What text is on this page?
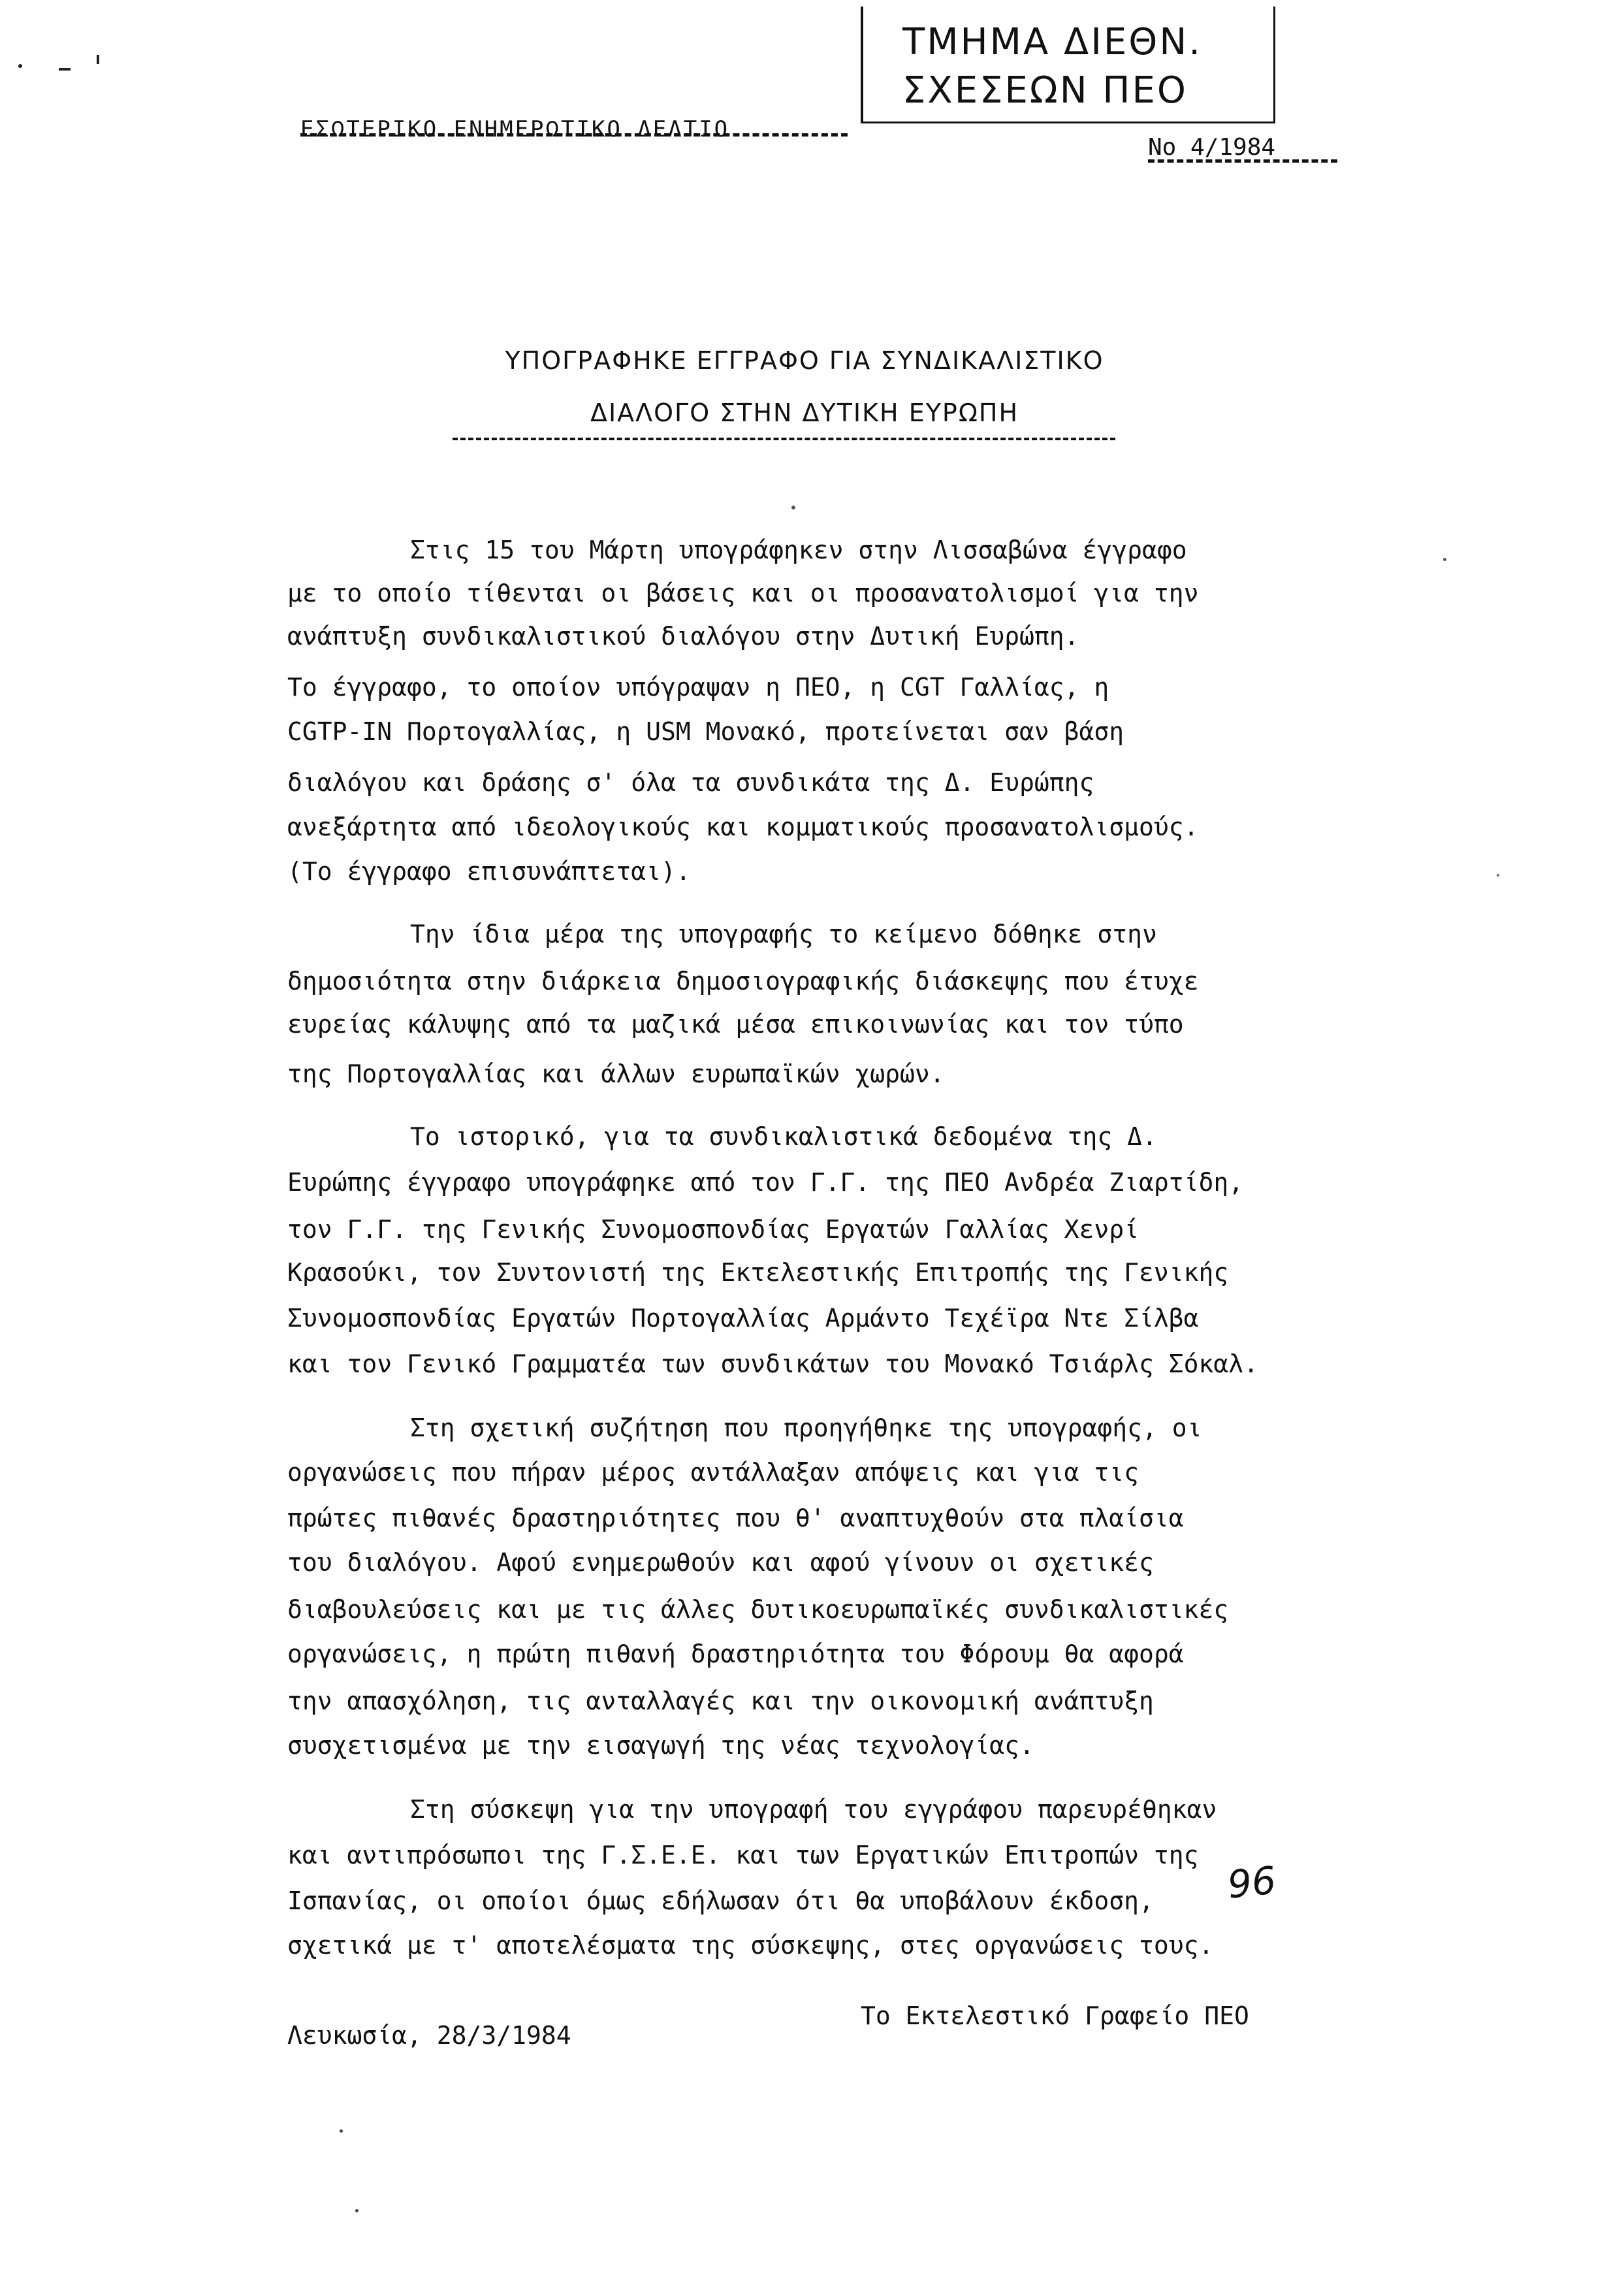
ΤΜΗΜΑ ΔΙΕΘΝ.
ΣΧΕΣΕΩΝ ΠΕΟ
ΕΣΩΤΕΡΙΚΟ ΕΝΗΜΕΡΩΤΙΚΟ ΔΕΛΤΙΟ
No 4/1984
ΥΠΟΓΡΑΦΗΚΕ ΕΓΓΡΑΦΟ ΓΙΑ ΣΥΝΔΙΚΑΛΙΣΤΙΚΟ
ΔΙΑΛΟΓΟ ΣΤΗΝ ΔΥΤΙΚΗ ΕΥΡΩΠΗ
Στις 15 του Μάρτη υπογράφηκεν στην Λισσαβώνα έγγραφο
με το οποίο τίθενται οι βάσεις και οι προσανατολισμοί για την
ανάπτυξη συνδικαλιστικού διαλόγου στην Δυτική Ευρώπη.
Το έγγραφο, το οποίον υπόγραψαν η ΠΕΟ, η CGT Γαλλίας, η
CGTP-IN Πορτογαλλίας, η USM Μονακό, προτείνεται σαν βάση
διαλόγου και δράσης σ' όλα τα συνδικάτα της Δ. Ευρώπης
ανεξάρτητα από ιδεολογικούς και κομματικούς προσανατολισμούς.
(Το έγγραφο επισυνάπτεται).
Την ίδια μέρα της υπογραφής το κείμενο δόθηκε στην
δημοσιότητα στην διάρκεια δημοσιογραφικής διάσκεψης που έτυχε
ευρείας κάλυψης από τα μαζικά μέσα επικοινωνίας και τον τύπο
της Πορτογαλλίας και άλλων ευρωπαϊκών χωρών.
Το ιστορικό, για τα συνδικαλιστικά δεδομένα της Δ.
Ευρώπης έγγραφο υπογράφηκε από τον Γ.Γ. της ΠΕΟ Ανδρέα Ζιαρτίδη,
τον Γ.Γ. της Γενικής Συνομοσπονδίας Εργατών Γαλλίας Χενρί
Κρασούκι, τον Συντονιστή της Εκτελεστικής Επιτροπής της Γενικής
Συνομοσπονδίας Εργατών Πορτογαλλίας Αρμάντο Τεχέϊρα Ντε Σίλβα
και τον Γενικό Γραμματέα των συνδικάτων του Μονακό Τσιάρλς Σόκαλ.
Στη σχετική συζήτηση που προηγήθηκε της υπογραφής, οι
οργανώσεις που πήραν μέρος αντάλλαξαν απόψεις και για τις
πρώτες πιθανές δραστηριότητες που θ' αναπτυχθούν στα πλαίσια
του διαλόγου. Αφού ενημερωθούν και αφού γίνουν οι σχετικές
διαβουλεύσεις και με τις άλλες δυτικοευρωπαϊκές συνδικαλιστικές
οργανώσεις, η πρώτη πιθανή δραστηριότητα του Φόρουμ θα αφορά
την απασχόληση, τις ανταλλαγές και την οικονομική ανάπτυξη
συσχετισμένα με την εισαγωγή της νέας τεχνολογίας.
Στη σύσκεψη για την υπογραφή του εγγράφου παρευρέθηκαν
και αντιπρόσωποι της Γ.Σ.Ε.Ε. και των Εργατικών Επιτροπών της
Ισπανίας, οι οποίοι όμως εδήλωσαν ότι θα υποβάλουν έκδοση,
σχετικά με τ' αποτελέσματα της σύσκεψης, στες οργανώσεις τους.
96
Λευκωσία, 28/3/1984
Το Εκτελεστικό Γραφείο ΠΕΟ
